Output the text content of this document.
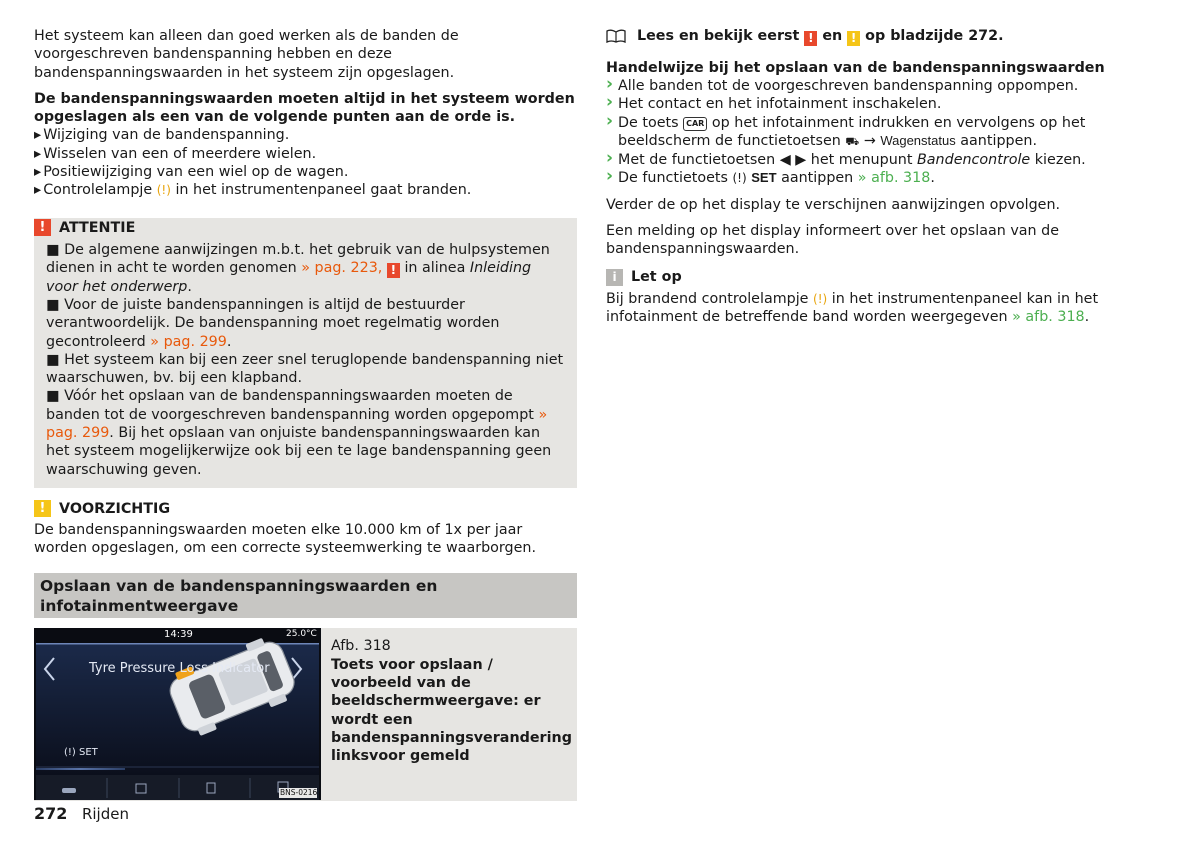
Het systeem kan alleen dan goed werken als de banden de voorgeschreven bandenspanning hebben en deze bandenspanningswaarden in het systeem zijn opgeslagen.

De bandenspanningswaarden moeten altijd in het systeem worden opgeslagen als een van de volgende punten aan de orde is.

▸ Wijziging van de bandenspanning.
▸ Wisselen van een of meerdere wielen.
▸ Positiewijziging van een wiel op de wagen.
▸ Controlelampje (!) in het instrumentenpaneel gaat branden.
! ATTENTIE

■ De algemene aanwijzingen m.b.t. het gebruik van de hulpsystemen dienen in acht te worden genomen » pag. 223, ! in alinea Inleiding voor het onderwerp.

■ Voor de juiste bandenspanningen is altijd de bestuurder verantwoordelijk. De bandenspanning moet regelmatig worden gecontroleerd » pag. 299.

■ Het systeem kan bij een zeer snel teruglopende bandenspanning niet waarschuwen, bv. bij een klapband.

■ Vóór het opslaan van de bandenspanningswaarden moeten de banden tot de voorgeschreven bandenspanning worden opgepompt » pag. 299. Bij het opslaan van onjuiste bandenspanningswaarden kan het systeem mogelijkerwijze ook bij een te lage bandenspanning geen waarschuwing geven.

! VOORZICHTIG

De bandenspanningswaarden moeten elke 10.000 km of 1x per jaar worden opgeslagen, om een correcte systeemwerking te waarborgen.

Opslaan van de bandenspanningswaarden en infotainmentweergave
14:39	25.0°C
Tyre Pressure Loss Indicator
(!) SET
BNS-0216

Afb. 318

Toets voor opslaan / voorbeeld van de beeldschermweergave: er wordt een bandenspanningsverandering linksvoor gemeld

Lees en bekijk eerst ! en ! op bladzijde 272.

Handelwijze bij het opslaan van de bandenspanningswaarden

› Alle banden tot de voorgeschreven bandenspanning oppompen.
› Het contact en het infotainment inschakelen.
› De toets CAR op het infotainment indrukken en vervolgens op het beeldscherm de functietoetsen ⛟ → Wagenstatus aantippen.
› Met de functietoetsen ◀ ▶ het menupunt Bandencontrole kiezen.
› De functietoets (!) SET aantippen » afb. 318.

Verder de op het display te verschijnen aanwijzingen opvolgen.

Een melding op het display informeert over het opslaan van de bandenspanningswaarden.

i	Let op

Bij brandend controlelampje (!) in het instrumentenpaneel kan in het infotainment de betreffende band worden weergegeven » afb. 318.

272 Rijden
